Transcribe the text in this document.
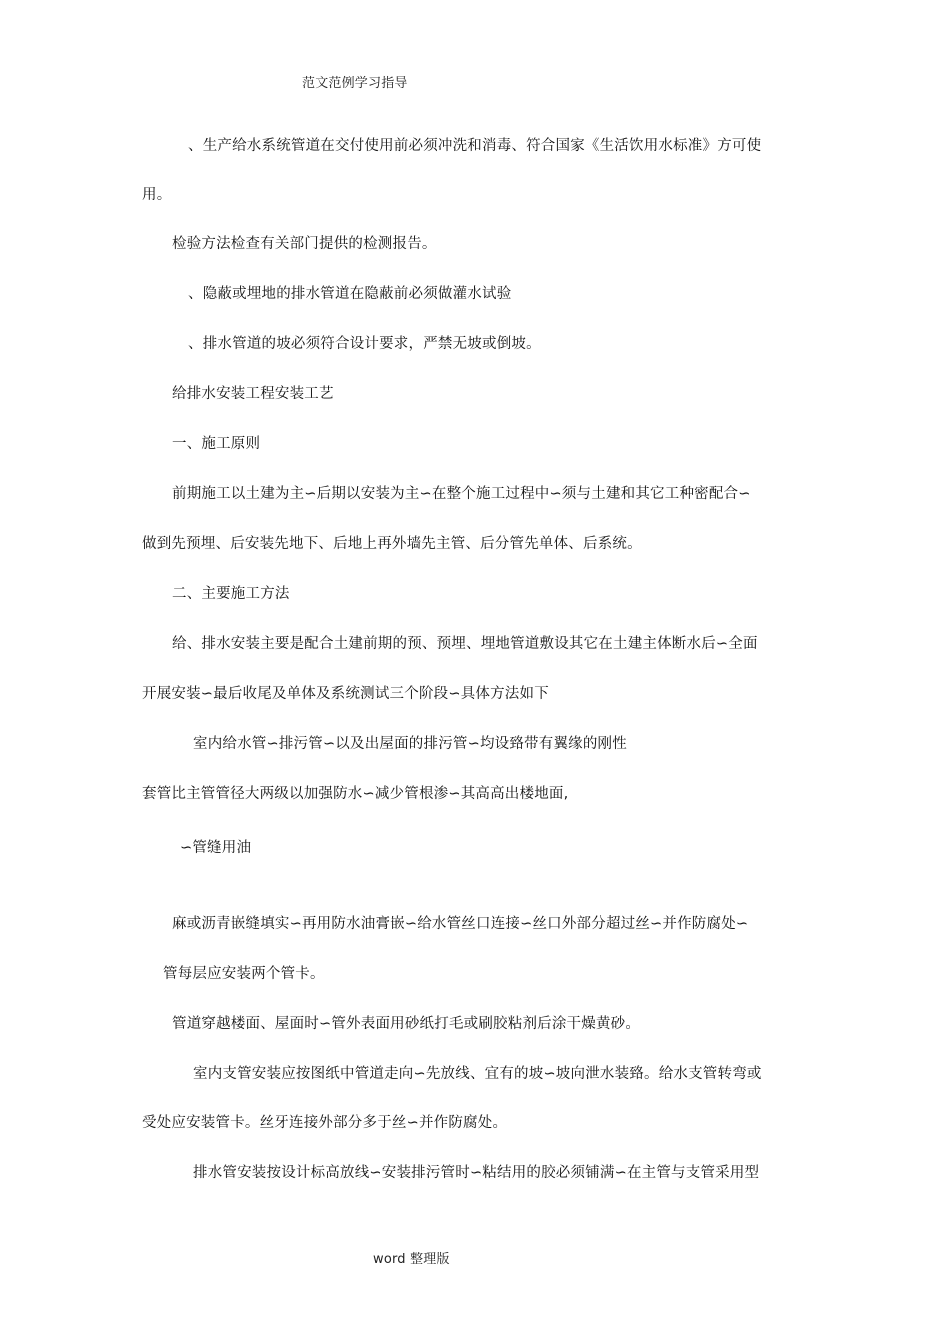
范文范例学习指导
、生产给水系统管道在交付使用前必须冲洗和消毒、符合国家《生活饮用水标准》方可使
用。
检验方法检查有关部门提供的检测报告。
、隐蔽或埋地的排水管道在隐蔽前必须做灌水试验
、排水管道的坡必须符合设计要求，严禁无坡或倒坡。
给排水安装工程安装工艺
一、施工原则
前期施工以土建为主∽后期以安装为主∽在整个施工过程中∽须与土建和其它工种密配合∽
做到先预埋、后安装先地下、后地上再外墙先主管、后分管先单体、后系统。
二、主要施工方法
给、排水安装主要是配合土建前期的预、预埋、埋地管道敷设其它在土建主体断水后∽全面
开展安装∽最后收尾及单体及系统测试三个阶段∽具体方法如下
室内给水管∽排污管∽以及出屋面的排污管∽均设臵带有翼缘的刚性
套管比主管管径大两级以加强防水∽减少管根渗∽其高高出楼地面,
∽管缝用油
麻或沥青嵌缝填实∽再用防水油膏嵌∽给水管丝口连接∽丝口外部分超过丝∽并作防腐处∽
管每层应安装两个管卡。
管道穿越楼面、屋面时∽管外表面用砂纸打毛或刷胶粘剂后涂干燥黄砂。
室内支管安装应按图纸中管道走向∽先放线、宜有的坡∽坡向泄水装臵。给水支管转弯或
受处应安装管卡。丝牙连接外部分多于丝∽并作防腐处。
排水管安装按设计标高放线∽安装排污管时∽粘结用的胶必须铺满∽在主管与支管采用型
word 整理版
